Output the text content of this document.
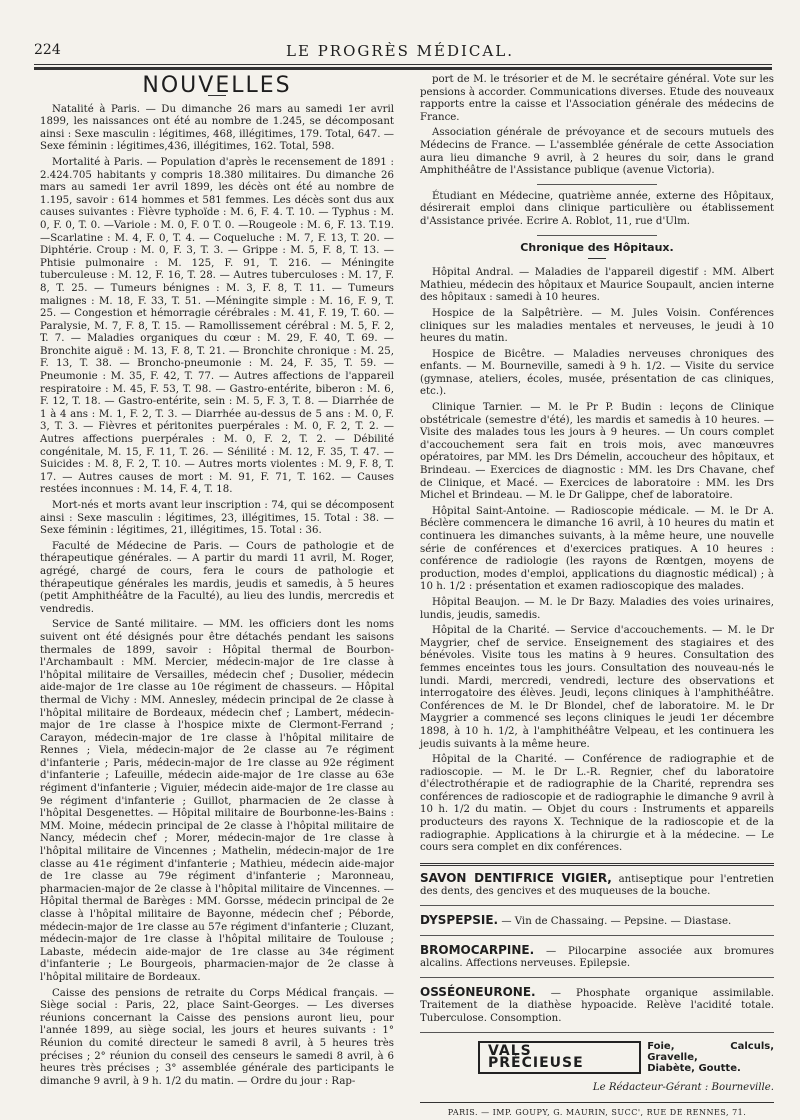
224	LE PROGRÈS MÉDICAL.
NOUVELLES

Natalité à Paris. — Du dimanche 26 mars au samedi 1er avril 1899, les naissances ont été au nombre de 1.245, se décomposant ainsi : Sexe masculin : légitimes, 468, illégitimes, 179. Total, 647. — Sexe féminin : légitimes,436, illégitimes, 162. Total, 598.

Mortalité à Paris. — Population d'après le recensement de 1891 : 2.424.705 habitants y compris 18.380 militaires. Du dimanche 26 mars au samedi 1er avril 1899, les décès ont été au nombre de 1.195, savoir : 614 hommes et 581 femmes. Les décès sont dus aux causes suivantes : Fièvre typhoïde : M. 6, F. 4. T. 10. — Typhus : M. 0, F. 0, T. 0. —Variole : M. 0, F. 0 T. 0. —Rougeole : M. 6, F. 13. T.19.—Scarlatine : M. 4, F. 0, T. 4. — Coqueluche : M. 7, F. 13, T. 20. — Diphtérie. Croup : M. 0, F. 3, T. 3. — Grippe : M. 5, F. 8, T. 13. — Phtisie pulmonaire : M. 125, F. 91, T. 216. — Méningite tuberculeuse : M. 12, F. 16, T. 28. — Autres tuberculoses : M. 17, F. 8, T. 25. — Tumeurs bénignes : M. 3, F. 8, T. 11. — Tumeurs malignes : M. 18, F. 33, T. 51. —Méningite simple : M. 16, F. 9, T. 25. — Congestion et hémorragie cérébrales : M. 41, F. 19, T. 60. — Paralysie, M. 7, F. 8, T. 15. — Ramollissement cérébral : M. 5, F. 2, T. 7. — Maladies organiques du cœur : M. 29, F. 40, T. 69. — Bronchite aiguë : M. 13, F. 8, T. 21. — Bronchite chronique : M. 25, F. 13, T. 38. — Broncho-pneumonie : M. 24, F. 35, T. 59. — Pneumonie : M. 35, F. 42, T. 77. — Autres affections de l'appareil respiratoire : M. 45, F. 53, T. 98. — Gastro-entérite, biberon : M. 6, F. 12, T. 18. — Gastro-entérite, sein : M. 5, F. 3, T. 8. — Diarrhée de 1 à 4 ans : M. 1, F. 2, T. 3. — Diarrhée au-dessus de 5 ans : M. 0, F. 3, T. 3. — Fièvres et péritonites puerpérales : M. 0, F. 2, T. 2. — Autres affections puerpérales : M. 0, F. 2, T. 2. — Débilité congénitale, M. 15, F. 11, T. 26. — Sénilité : M. 12, F. 35, T. 47. — Suicides : M. 8, F. 2, T. 10. — Autres morts violentes : M. 9, F. 8, T. 17. — Autres causes de mort : M. 91, F. 71, T. 162. — Causes restées inconnues : M. 14, F. 4, T. 18.

Mort-nés et morts avant leur inscription : 74, qui se décomposent ainsi : Sexe masculin : légitimes, 23, illégitimes, 15. Total : 38. — Sexe féminin : légitimes, 21, illégitimes, 15. Total : 36.

Faculté de Médecine de Paris. — Cours de pathologie et de thérapeutique générales. — A partir du mardi 11 avril, M. Roger, agrégé, chargé de cours, fera le cours de pathologie et thérapeutique générales les mardis, jeudis et samedis, à 5 heures (petit Amphithéâtre de la Faculté), au lieu des lundis, mercredis et vendredis.

Service de Santé militaire. — MM. les officiers dont les noms suivent ont été désignés pour être détachés pendant les saisons thermales de 1899, savoir : Hôpital thermal de Bourbon-l'Archambault : MM. Mercier, médecin-major de 1re classe à l'hôpital militaire de Versailles, médecin chef ; Dusolier, médecin aide-major de 1re classe au 10e régiment de chasseurs. — Hôpital thermal de Vichy : MM. Annesley, médecin principal de 2e classe à l'hôpital militaire de Bordeaux, médecin chef ; Lambert, médecin-major de 1re classe à l'hospice mixte de Clermont-Ferrand ; Carayon, médecin-major de 1re classe à l'hôpital militaire de Rennes ; Viela, médecin-major de 2e classe au 7e régiment d'infanterie ; Paris, médecin-major de 1re classe au 92e régiment d'infanterie ; Lafeuille, médecin aide-major de 1re classe au 63e régiment d'infanterie ; Viguier, médecin aide-major de 1re classe au 9e régiment d'infanterie ; Guillot, pharmacien de 2e classe à l'hôpital Desgenettes. — Hôpital militaire de Bourbonne-les-Bains : MM. Moine, médecin principal de 2e classe à l'hôpital militaire de Nancy, médecin chef ; Morer, médecin-major de 1re classe à l'hôpital militaire de Vincennes ; Mathelin, médecin-major de 1re classe au 41e régiment d'infanterie ; Mathieu, médecin aide-major de 1re classe au 79e régiment d'infanterie ; Maronneau, pharmacien-major de 2e classe à l'hôpital militaire de Vincennes. — Hôpital thermal de Barèges : MM. Gorsse, médecin principal de 2e classe à l'hôpital militaire de Bayonne, médecin chef ; Péborde, médecin-major de 1re classe au 57e régiment d'infanterie ; Cluzant, médecin-major de 1re classe à l'hôpital militaire de Toulouse ; Labaste, médecin aide-major de 1re classe au 34e régiment d'infanterie ; Le Bourgeois, pharmacien-major de 2e classe à l'hôpital militaire de Bordeaux.

Caisse des pensions de retraite du Corps Médical français. — Siège social : Paris, 22, place Saint-Georges. — Les diverses réunions concernant la Caisse des pensions auront lieu, pour l'année 1899, au siège social, les jours et heures suivants : 1° Réunion du comité directeur le samedi 8 avril, à 5 heures très précises ; 2° réunion du conseil des censeurs le samedi 8 avril, à 6 heures très précises ; 3° assemblée générale des participants le dimanche 9 avril, à 9 h. 1/2 du matin. — Ordre du jour : Rap-

port de M. le trésorier et de M. le secrétaire général. Vote sur les pensions à accorder. Communications diverses. Etude des nouveaux rapports entre la caisse et l'Association générale des médecins de France.

Association générale de prévoyance et de secours mutuels des Médecins de France. — L'assemblée générale de cette Association aura lieu dimanche 9 avril, à 2 heures du soir, dans le grand Amphithéâtre de l'Assistance publique (avenue Victoria).

Étudiant en Médecine, quatrième année, externe des Hôpitaux, désirerait emploi dans clinique particulière ou établissement d'Assistance privée. Ecrire A. Roblot, 11, rue d'Ulm.

Chronique des Hôpitaux.

Hôpital Andral. — Maladies de l'appareil digestif : MM. Albert Mathieu, médecin des hôpitaux et Maurice Soupault, ancien interne des hôpitaux : samedi à 10 heures.

Hospice de la Salpêtrière. — M. Jules Voisin. Conférences cliniques sur les maladies mentales et nerveuses, le jeudi à 10 heures du matin.

Hospice de Bicêtre. — Maladies nerveuses chroniques des enfants. — M. Bourneville, samedi à 9 h. 1/2. — Visite du service (gymnase, ateliers, écoles, musée, présentation de cas cliniques, etc.).

Clinique Tarnier. — M. le Pr P. Budin : leçons de Clinique obstétricale (semestre d'été), les mardis et samedis à 10 heures. — Visite des malades tous les jours à 9 heures. — Un cours complet d'accouchement sera fait en trois mois, avec manœuvres opératoires, par MM. les Drs Démelin, accoucheur des hôpitaux, et Brindeau. — Exercices de diagnostic : MM. les Drs Chavane, chef de Clinique, et Macé. — Exercices de laboratoire : MM. les Drs Michel et Brindeau. — M. le Dr Galippe, chef de laboratoire.

Hôpital Saint-Antoine. — Radioscopie médicale. — M. le Dr A. Béclère commencera le dimanche 16 avril, à 10 heures du matin et continuera les dimanches suivants, à la même heure, une nouvelle série de conférences et d'exercices pratiques. A 10 heures : conférence de radiologie (les rayons de Rœntgen, moyens de production, modes d'emploi, applications du diagnostic médical) ; à 10 h. 1/2 : présentation et examen radioscopique des malades.

Hôpital Beaujon. — M. le Dr Bazy. Maladies des voies urinaires, lundis, jeudis, samedis.

Hôpital de la Charité. — Service d'accouchements. — M. le Dr Maygrier, chef de service. Enseignement des stagiaires et des bénévoles. Visite tous les matins à 9 heures. Consultation des femmes enceintes tous les jours. Consultation des nouveau-nés le lundi. Mardi, mercredi, vendredi, lecture des observations et interrogatoire des élèves. Jeudi, leçons cliniques à l'amphithéâtre. Conférences de M. le Dr Blondel, chef de laboratoire. M. le Dr Maygrier a commencé ses leçons cliniques le jeudi 1er décembre 1898, à 10 h. 1/2, à l'amphithéâtre Velpeau, et les continuera les jeudis suivants à la même heure.

Hôpital de la Charité. — Conférence de radiographie et de radioscopie. — M. le Dr L.-R. Regnier, chef du laboratoire d'électrothérapie et de radiographie de la Charité, reprendra ses conférences de radioscopie et de radiographie le dimanche 9 avril à 10 h. 1/2 du matin. — Objet du cours : Instruments et appareils producteurs des rayons X. Technique de la radioscopie et de la radiographie. Applications à la chirurgie et à la médecine. — Le cours sera complet en dix conférences.

SAVON DENTIFRICE VIGIER, antiseptique pour l'entretien des dents, des gencives et des muqueuses de la bouche.
DYSPEPSIE. — Vin de Chassaing. — Pepsine. — Diastase.
BROMOCARPINE. — Pilocarpine associée aux bromures alcalins. Affections nerveuses. Epilepsie.
OSSÉONEURONE. — Phosphate organique assimilable. Traitement de la diathèse hypoacide. Relève l'acidité totale. Tuberculose. Consomption.
VALS PRÉCIEUSE
Foie, Calculs, Gravelle,
Diabète, Goutte.
Le Rédacteur-Gérant : Bourneville.
PARIS. — IMP. GOUPY, G. MAURIN, SUCC', RUE DE RENNES, 71.
